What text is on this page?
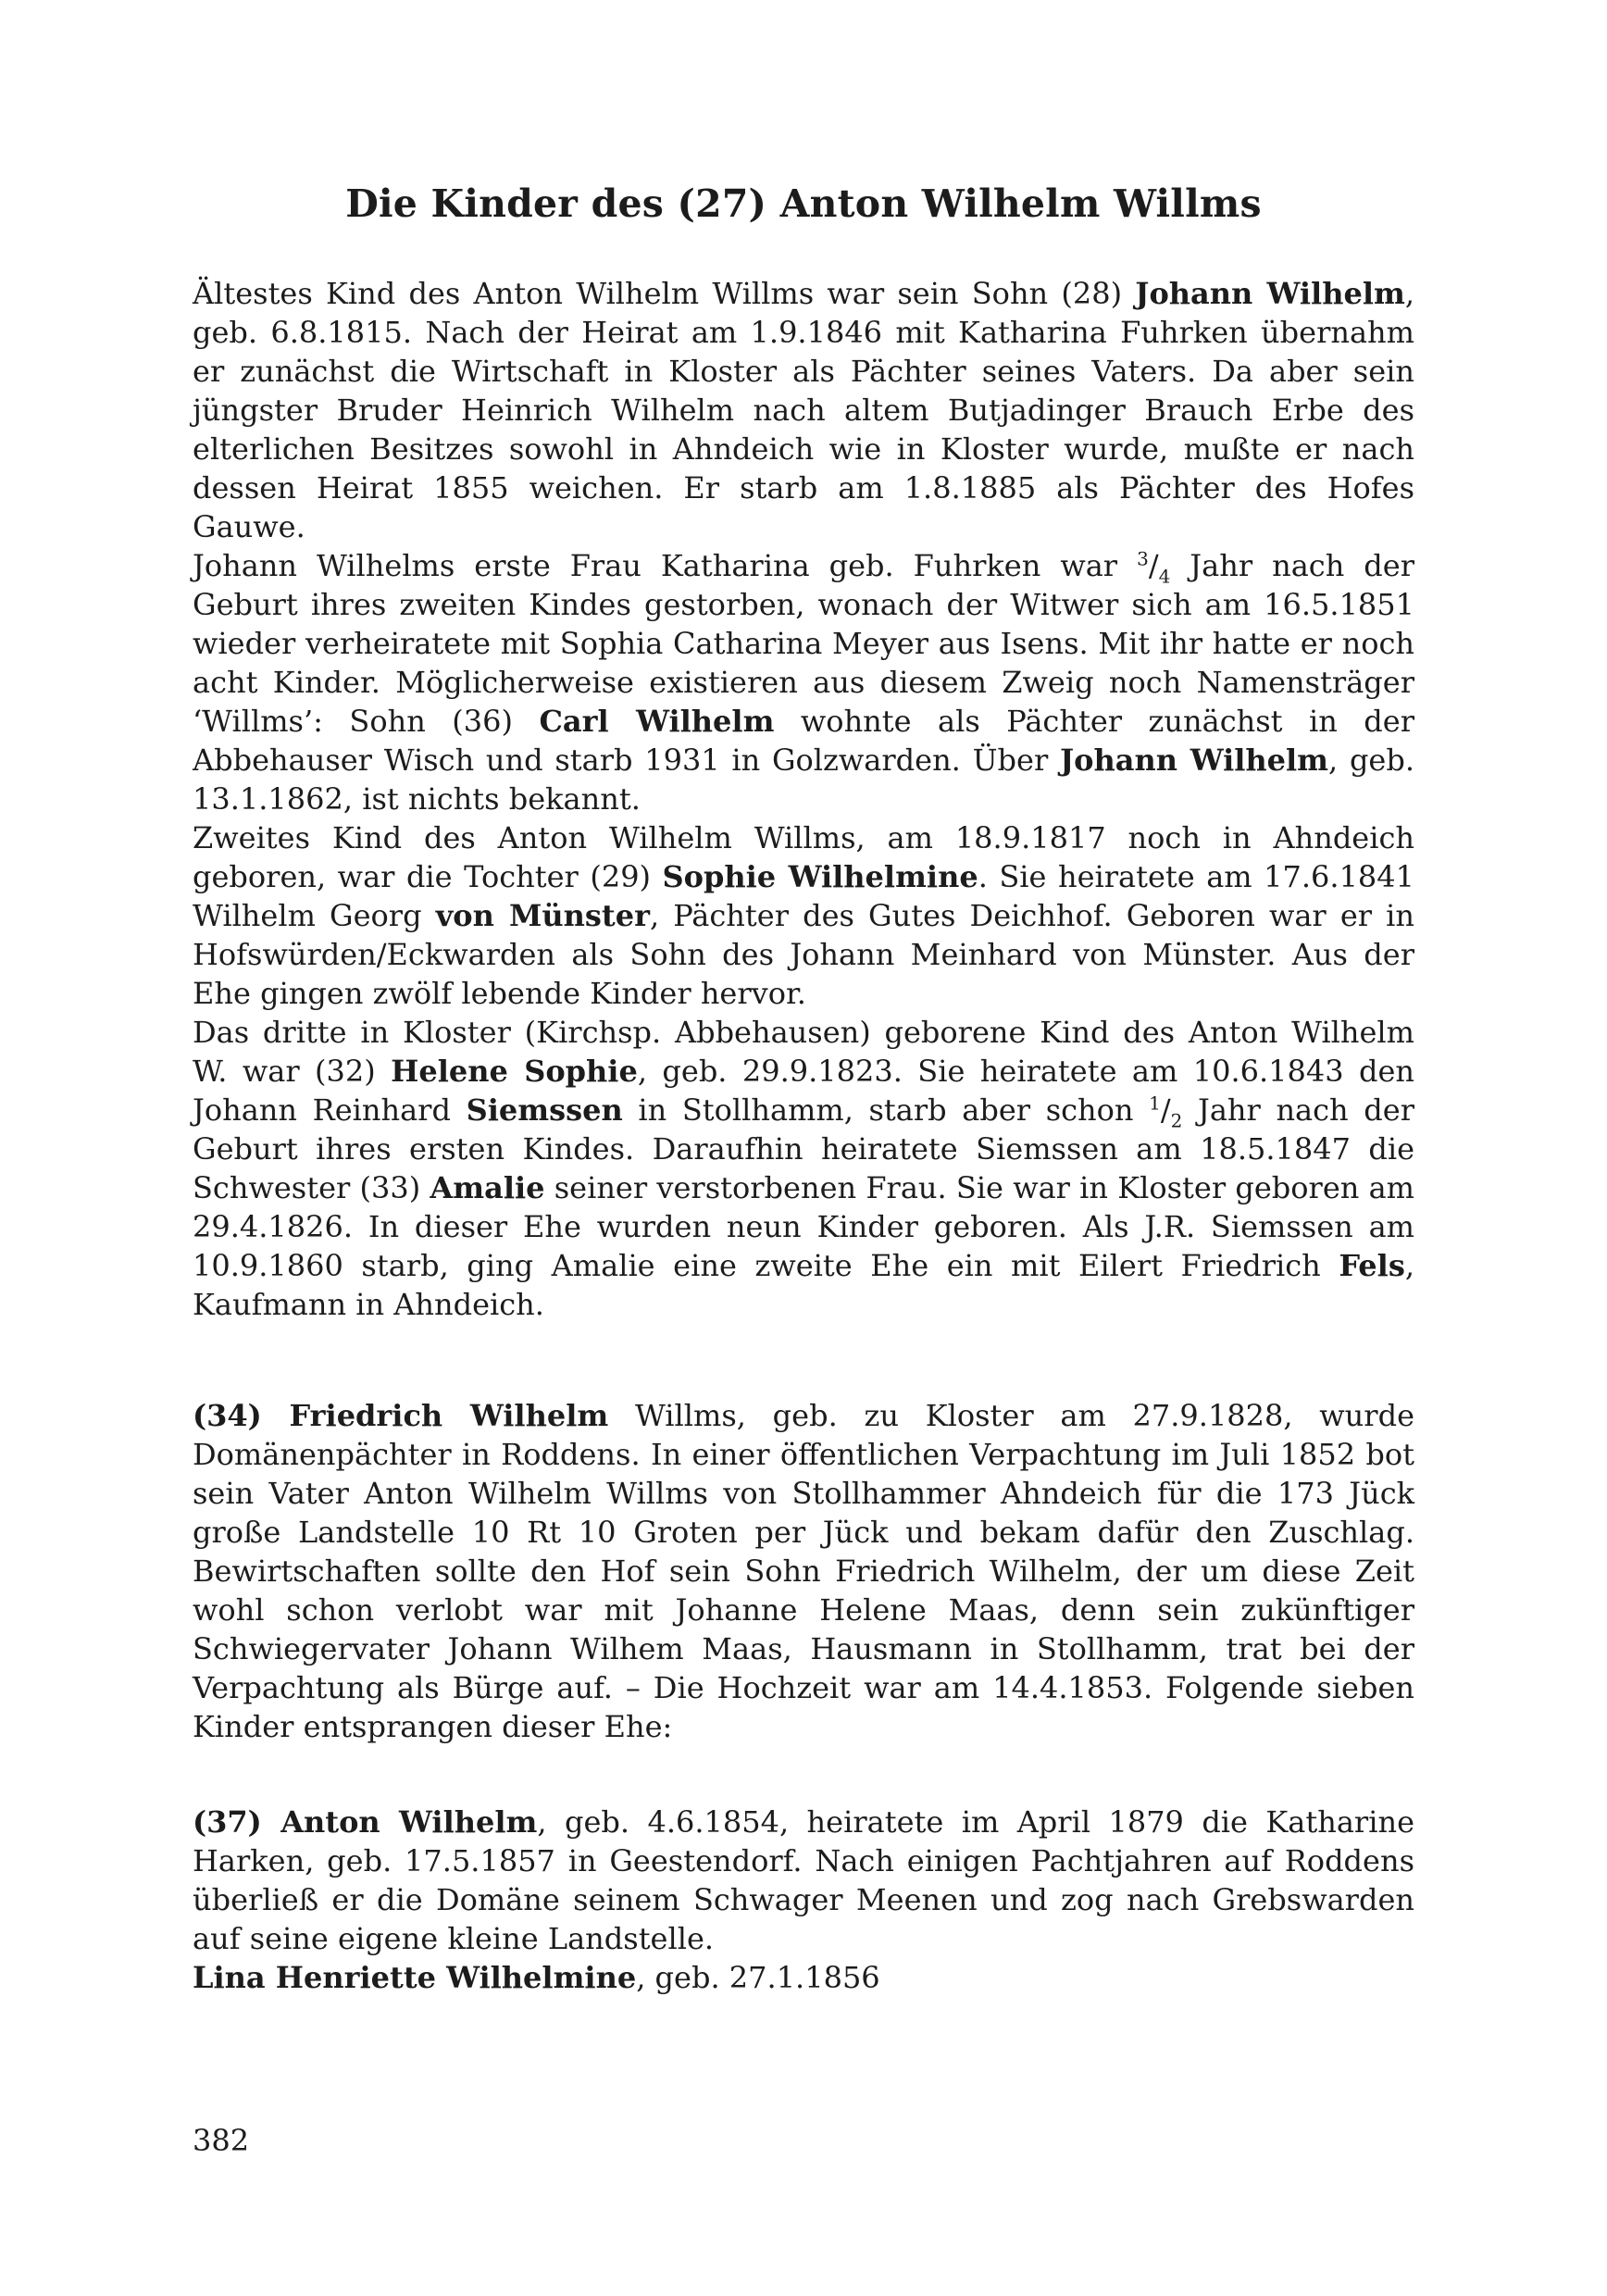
Die Kinder des (27) Anton Wilhelm Willms
Ältestes Kind des Anton Wilhelm Willms war sein Sohn (28) Johann Wilhelm, geb. 6.8.1815. Nach der Heirat am 1.9.1846 mit Katharina Fuhrken übernahm er zunächst die Wirtschaft in Kloster als Pächter seines Vaters. Da aber sein jüngster Bruder Heinrich Wilhelm nach altem Butjadinger Brauch Erbe des elterlichen Besitzes sowohl in Ahndeich wie in Kloster wurde, mußte er nach dessen Heirat 1855 weichen. Er starb am 1.8.1885 als Pächter des Hofes Gauwe.
Johann Wilhelms erste Frau Katharina geb. Fuhrken war $^3/_4$ Jahr nach der Geburt ihres zweiten Kindes gestorben, wonach der Witwer sich am 16.5.1851 wieder verheiratete mit Sophia Catharina Meyer aus Isens. Mit ihr hatte er noch acht Kinder. Möglicherweise existieren aus diesem Zweig noch Namensträger ‘Willms’: Sohn (36) Carl Wilhelm wohnte als Pächter zunächst in der Abbehauser Wisch und starb 1931 in Golzwarden. Über Johann Wilhelm, geb. 13.1.1862, ist nichts bekannt.
Zweites Kind des Anton Wilhelm Willms, am 18.9.1817 noch in Ahndeich geboren, war die Tochter (29) Sophie Wilhelmine. Sie heiratete am 17.6.1841 Wilhelm Georg von Münster, Pächter des Gutes Deichhof. Geboren war er in Hofswürden/Eckwarden als Sohn des Johann Meinhard von Münster. Aus der Ehe gingen zwölf lebende Kinder hervor.
Das dritte in Kloster (Kirchsp. Abbehausen) geborene Kind des Anton Wilhelm W. war (32) Helene Sophie, geb. 29.9.1823. Sie heiratete am 10.6.1843 den Johann Reinhard Siemssen in Stollhamm, starb aber schon $^1/_2$ Jahr nach der Geburt ihres ersten Kindes. Daraufhin heiratete Siemssen am 18.5.1847 die Schwester (33) Amalie seiner verstorbenen Frau. Sie war in Kloster geboren am 29.4.1826. In dieser Ehe wurden neun Kinder geboren. Als J.R. Siemssen am 10.9.1860 starb, ging Amalie eine zweite Ehe ein mit Eilert Friedrich Fels, Kaufmann in Ahndeich.
(34) Friedrich Wilhelm Willms, geb. zu Kloster am 27.9.1828, wurde Domänenpächter in Roddens. In einer öffentlichen Verpachtung im Juli 1852 bot sein Vater Anton Wilhelm Willms von Stollhammer Ahndeich für die 173 Jück große Landstelle 10 Rt 10 Groten per Jück und bekam dafür den Zuschlag. Bewirtschaften sollte den Hof sein Sohn Friedrich Wilhelm, der um diese Zeit wohl schon verlobt war mit Johanne Helene Maas, denn sein zukünftiger Schwiegervater Johann Wilhem Maas, Hausmann in Stollhamm, trat bei der Verpachtung als Bürge auf. – Die Hochzeit war am 14.4.1853. Folgende sieben Kinder entsprangen dieser Ehe:
(37) Anton Wilhelm, geb. 4.6.1854, heiratete im April 1879 die Katharine Harken, geb. 17.5.1857 in Geestendorf. Nach einigen Pachtjahren auf Roddens überließ er die Domäne seinem Schwager Meenen und zog nach Grebswarden auf seine eigene kleine Landstelle.
Lina Henriette Wilhelmine, geb. 27.1.1856
382
